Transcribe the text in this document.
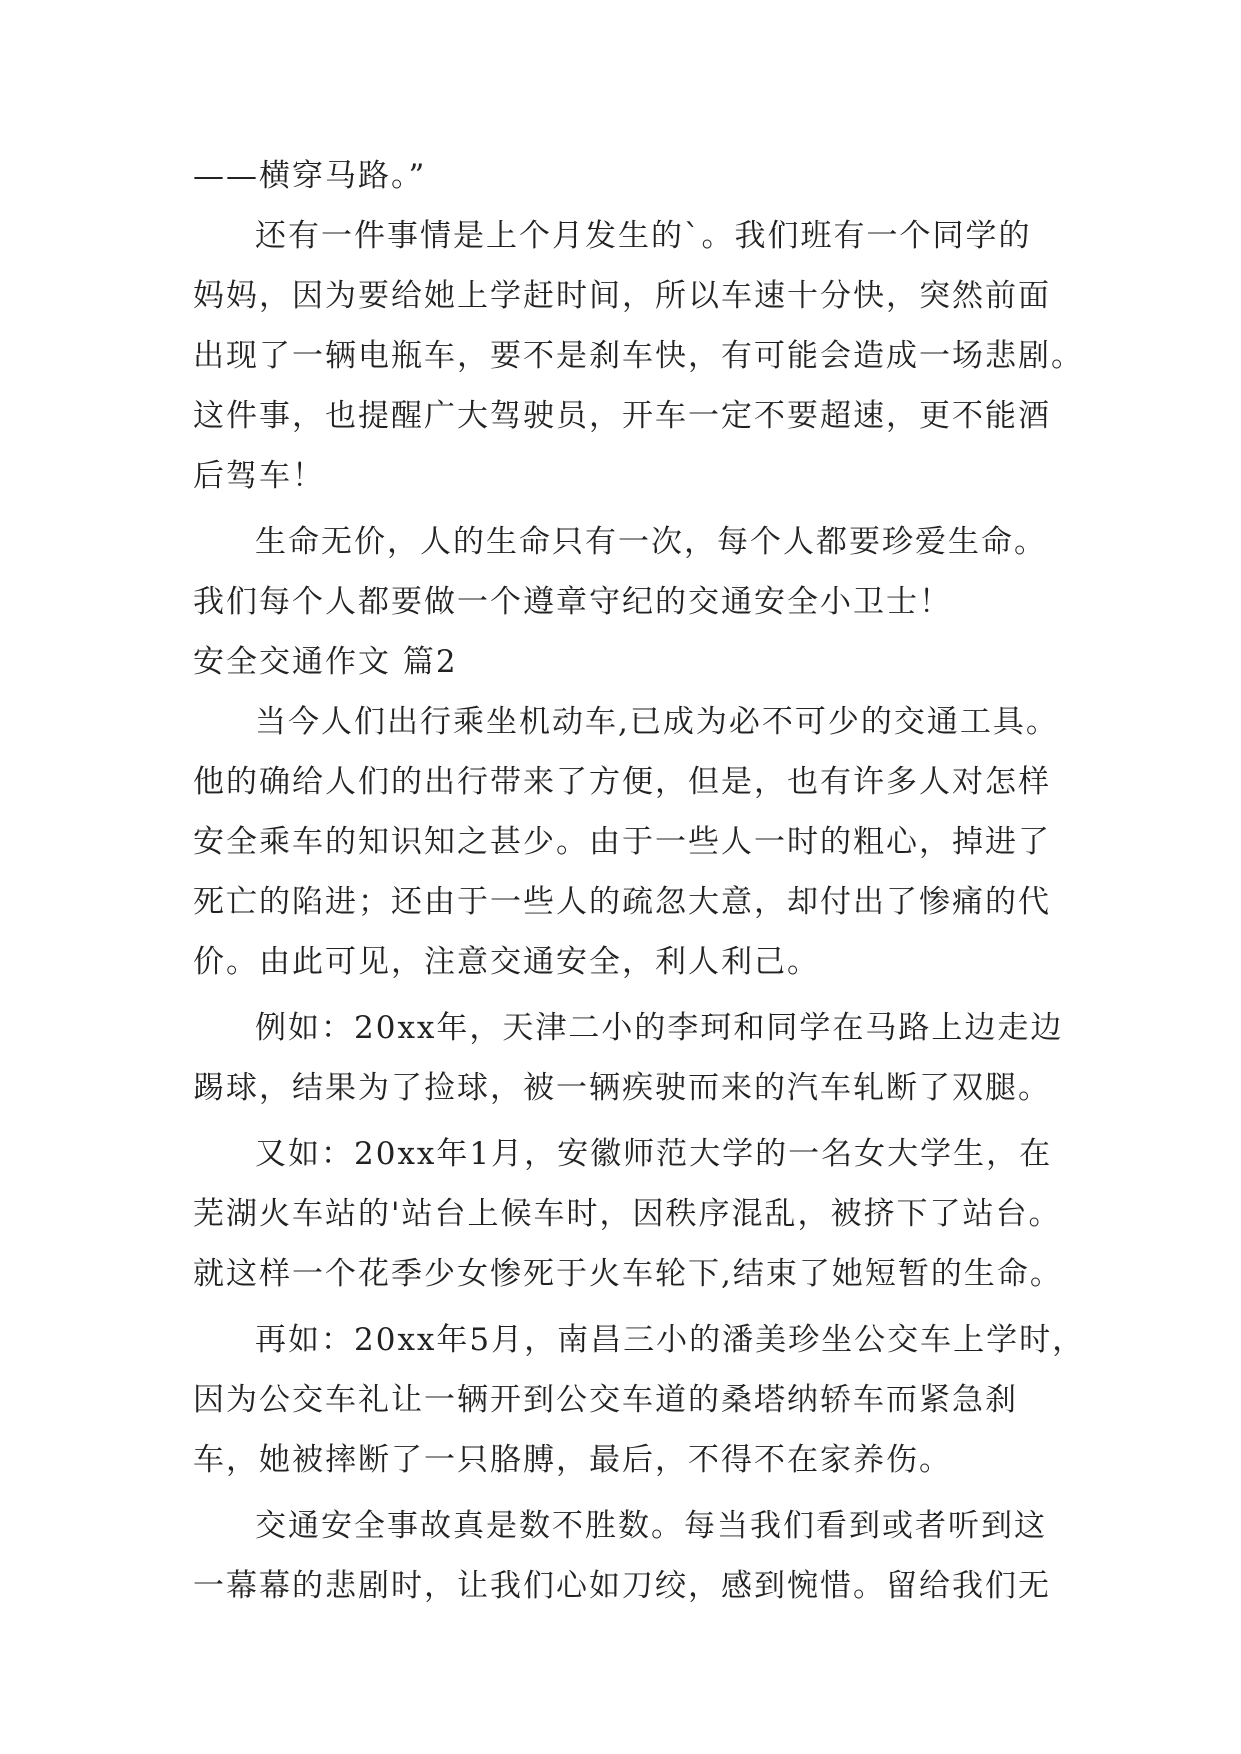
——横穿马路。”

还有一件事情是上个月发生的`。我们班有一个同学的

妈妈，因为要给她上学赶时间，所以车速十分快，突然前面

出现了一辆电瓶车，要不是刹车快，有可能会造成一场悲剧。

这件事，也提醒广大驾驶员，开车一定不要超速，更不能酒

后驾车！

生命无价，人的生命只有一次，每个人都要珍爱生命。

我们每个人都要做一个遵章守纪的交通安全小卫士！

安全交通作文 篇2

当今人们出行乘坐机动车,已成为必不可少的交通工具。

他的确给人们的出行带来了方便，但是，也有许多人对怎样

安全乘车的知识知之甚少。由于一些人一时的粗心，掉进了

死亡的陷进；还由于一些人的疏忽大意，却付出了惨痛的代

价。由此可见，注意交通安全，利人利己。

例如：20xx年，天津二小的李珂和同学在马路上边走边

踢球，结果为了捡球，被一辆疾驶而来的汽车轧断了双腿。

又如：20xx年1月，安徽师范大学的一名女大学生，在

芜湖火车站的'站台上候车时，因秩序混乱，被挤下了站台。

就这样一个花季少女惨死于火车轮下,结束了她短暂的生命。

再如：20xx年5月，南昌三小的潘美珍坐公交车上学时，

因为公交车礼让一辆开到公交车道的桑塔纳轿车而紧急刹

车，她被摔断了一只胳膊，最后，不得不在家养伤。

交通安全事故真是数不胜数。每当我们看到或者听到这

一幕幕的悲剧时，让我们心如刀绞，感到惋惜。留给我们无
